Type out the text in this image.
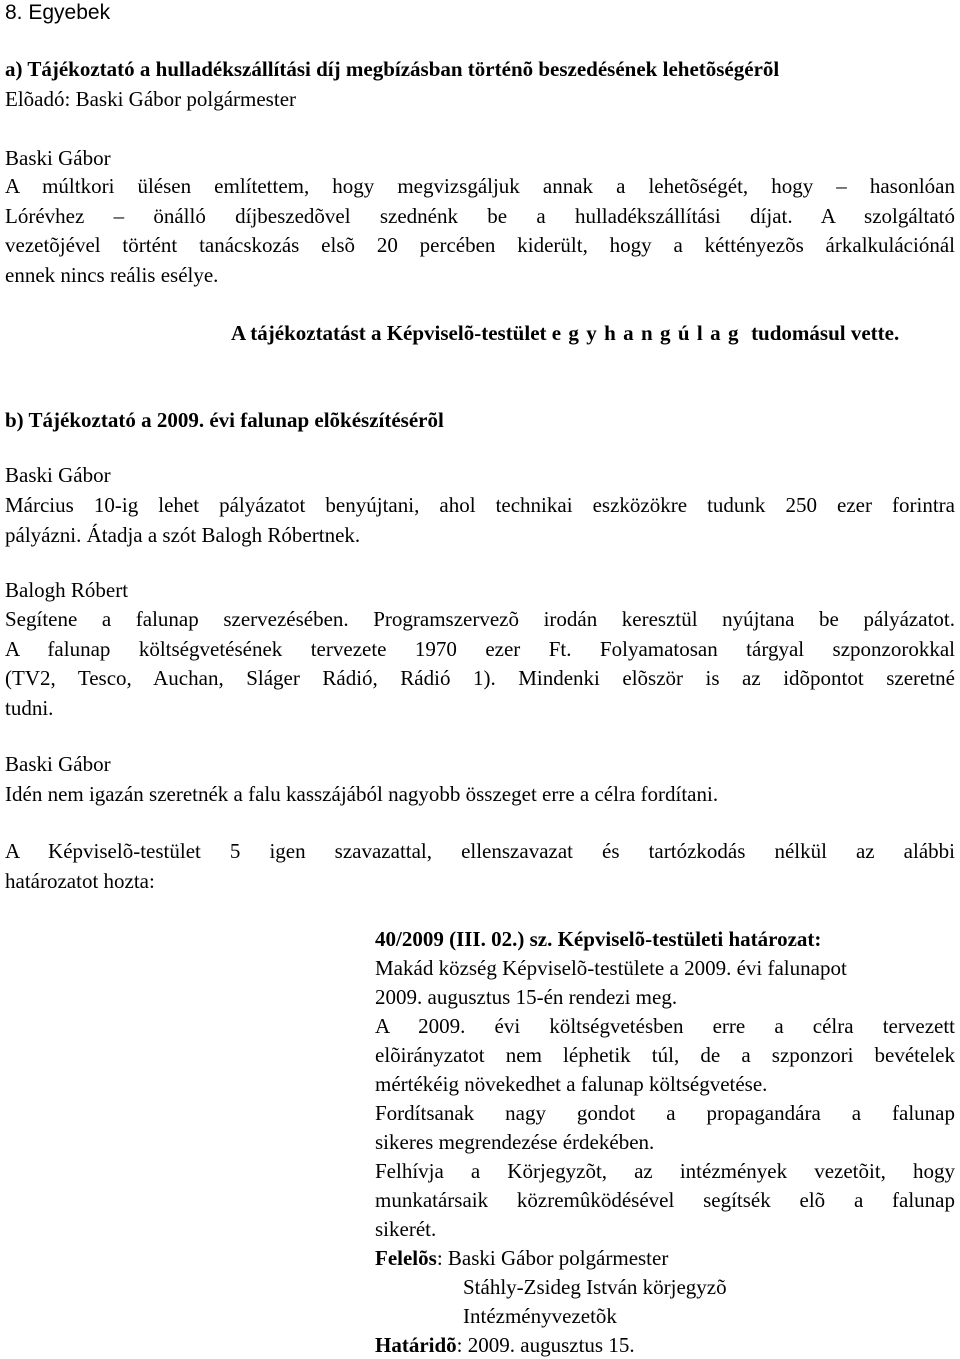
8. Egyebek
a) Tájékoztató a hulladékszállítási díj megbízásban történõ beszedésének lehetõségérõl
Elõadó: Baski Gábor polgármester
Baski Gábor
A múltkori ülésen említettem, hogy megvizsgáljuk annak a lehetõségét, hogy – hasonlóan
Lórévhez – önálló díjbeszedõvel szednénk be a hulladékszállítási díjat. A szolgáltató
vezetõjével történt tanácskozás elsõ 20 percében kiderült, hogy a kéttényezõs árkalkulációnál
ennek nincs reális esélye.
A tájékoztatást a Képviselõ-testület egyhangúlag tudomásul vette.
b) Tájékoztató a 2009. évi falunap elõkészítésérõl
Baski Gábor
Március 10-ig lehet pályázatot benyújtani, ahol technikai eszközökre tudunk 250 ezer forintra
pályázni. Átadja a szót Balogh Róbertnek.
Balogh Róbert
Segítene a falunap szervezésében. Programszervezõ irodán keresztül nyújtana be pályázatot.
A falunap költségvetésének tervezete 1970 ezer Ft. Folyamatosan tárgyal szponzorokkal
(TV2, Tesco, Auchan, Sláger Rádió, Rádió 1). Mindenki elõször is az idõpontot szeretné
tudni.
Baski Gábor
Idén nem igazán szeretnék a falu kasszájából nagyobb összeget erre a célra fordítani.
A Képviselõ-testület 5 igen szavazattal, ellenszavazat és tartózkodás nélkül az alábbi
határozatot hozta:
40/2009 (III. 02.) sz. Képviselõ-testületi határozat:
Makád község Képviselõ-testülete a 2009. évi falunapot
2009. augusztus 15-én rendezi meg.
A 2009. évi költségvetésben erre a célra tervezett
elõirányzatot nem léphetik túl, de a szponzori bevételek
mértékéig növekedhet a falunap költségvetése.
Fordítsanak nagy gondot a propagandára a falunap
sikeres megrendezése érdekében.
Felhívja a Körjegyzõt, az intézmények vezetõit, hogy
munkatársaik közremûködésével segítsék elõ a falunap
sikerét.
Felelõs: Baski Gábor polgármester
Stáhly-Zsideg István körjegyzõ
Intézményvezetõk
Határidõ: 2009. augusztus 15.
